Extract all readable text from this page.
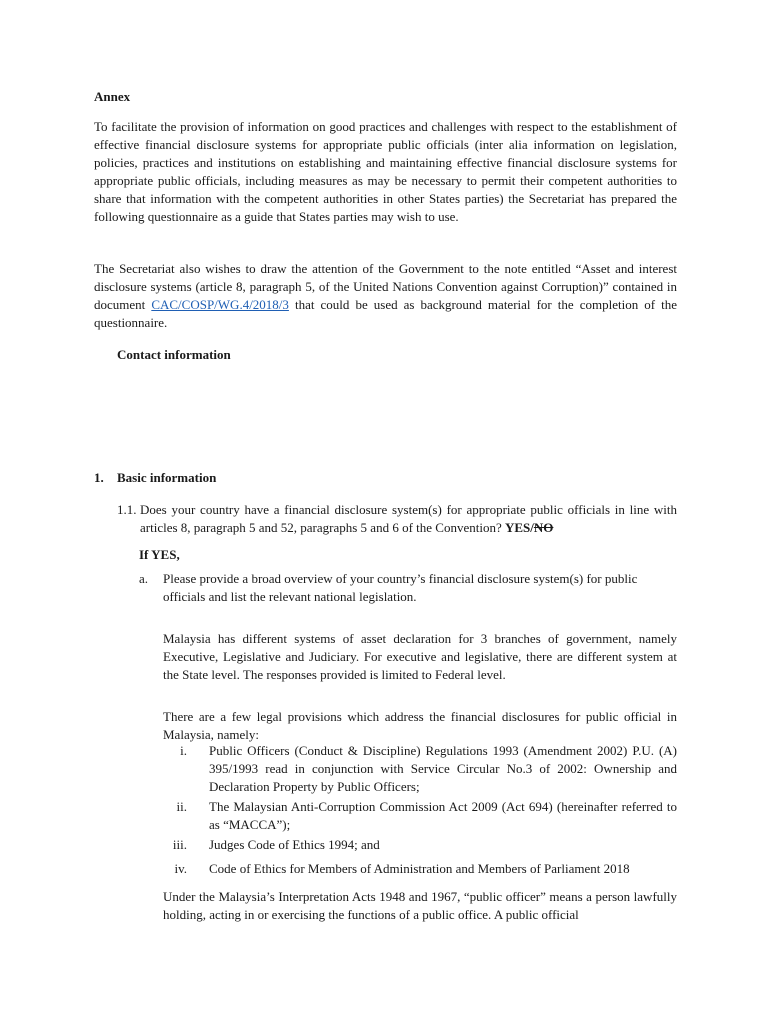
Annex

To facilitate the provision of information on good practices and challenges with respect to the establishment of effective financial disclosure systems for appropriate public officials (inter alia information on legislation, policies, practices and institutions on establishing and maintaining effective financial disclosure systems for appropriate public officials, including measures as may be necessary to permit their competent authorities to share that information with the competent authorities in other States parties) the Secretariat has prepared the following questionnaire as a guide that States parties may wish to use.

The Secretariat also wishes to draw the attention of the Government to the note entitled “Asset and interest disclosure systems (article 8, paragraph 5, of the United Nations Convention against Corruption)” contained in document CAC/COSP/WG.4/2018/3 that could be used as background material for the completion of the questionnaire.

Contact information
1. Basic information
1.1. Does your country have a financial disclosure system(s) for appropriate public officials in line with articles 8, paragraph 5 and 52, paragraphs 5 and 6 of the Convention? YES/NO

If YES,
a. Please provide a broad overview of your country’s financial disclosure system(s) for public officials and list the relevant national legislation.

Malaysia has different systems of asset declaration for 3 branches of government, namely Executive, Legislative and Judiciary. For executive and legislative, there are different system at the State level. The responses provided is limited to Federal level.

There are a few legal provisions which address the financial disclosures for public official in Malaysia, namely:

i. Public Officers (Conduct & Discipline) Regulations 1993 (Amendment 2002) P.U. (A) 395/1993 read in conjunction with Service Circular No.3 of 2002: Ownership and Declaration Property by Public Officers;

ii. The Malaysian Anti-Corruption Commission Act 2009 (Act 694) (hereinafter referred to as “MACCA”);

iii. Judges Code of Ethics 1994; and

iv. Code of Ethics for Members of Administration and Members of Parliament 2018

Under the Malaysia’s Interpretation Acts 1948 and 1967, “public officer” means a person lawfully holding, acting in or exercising the functions of a public office. A public official
